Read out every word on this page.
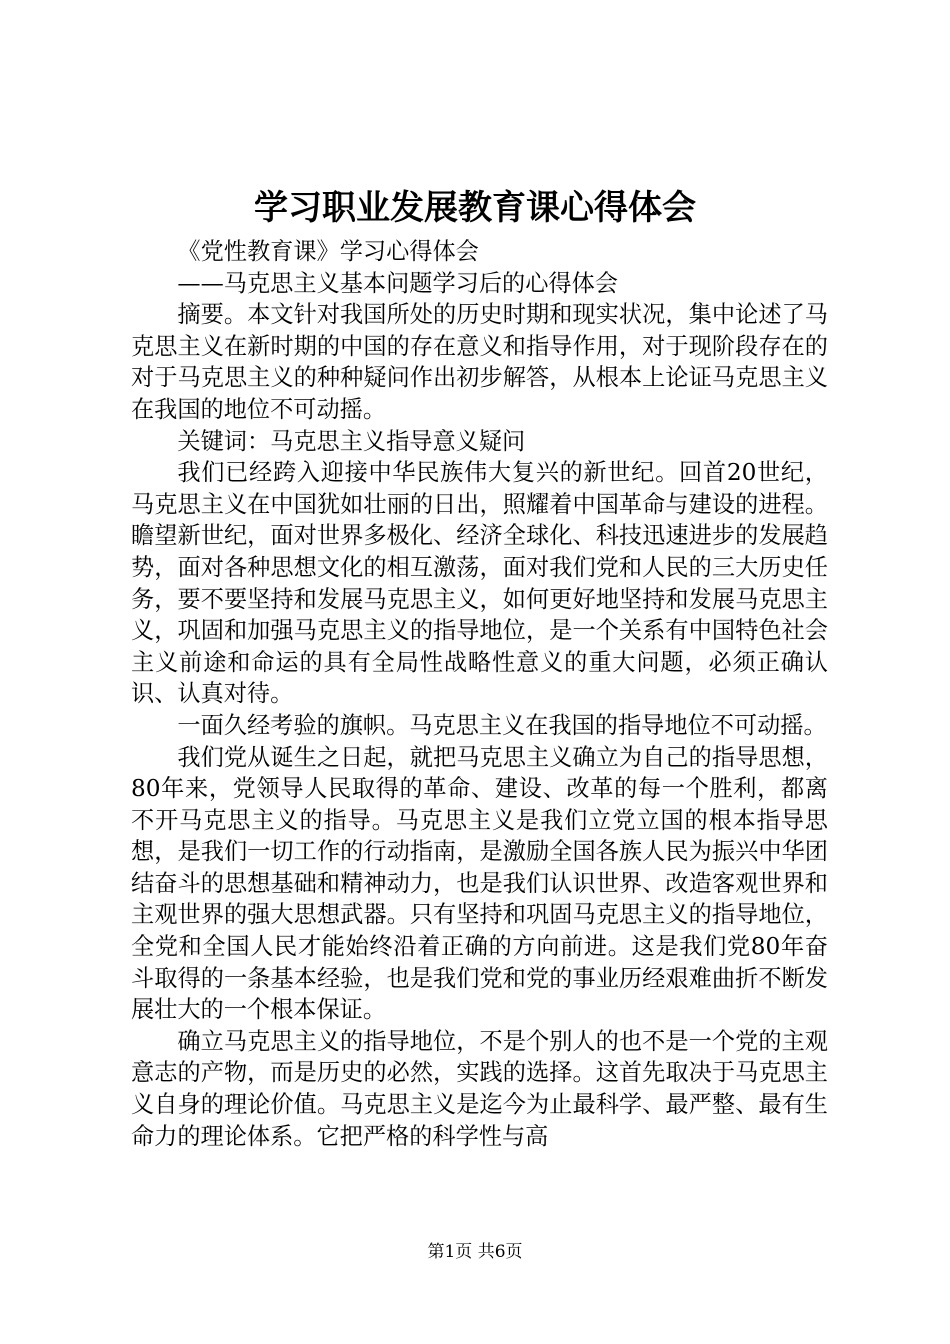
学习职业发展教育课心得体会

《党性教育课》学习心得体会

——马克思主义基本问题学习后的心得体会

摘要。本文针对我国所处的历史时期和现实状况，集中论述了马克思主义在新时期的中国的存在意义和指导作用，对于现阶段存在的对于马克思主义的种种疑问作出初步解答，从根本上论证马克思主义在我国的地位不可动摇。

关键词：马克思主义指导意义疑问

我们已经跨入迎接中华民族伟大复兴的新世纪。回首20世纪，马克思主义在中国犹如壮丽的日出，照耀着中国革命与建设的进程。瞻望新世纪，面对世界多极化、经济全球化、科技迅速进步的发展趋势，面对各种思想文化的相互激荡，面对我们党和人民的三大历史任务，要不要坚持和发展马克思主义，如何更好地坚持和发展马克思主义，巩固和加强马克思主义的指导地位，是一个关系有中国特色社会主义前途和命运的具有全局性战略性意义的重大问题，必须正确认识、认真对待。

一面久经考验的旗帜。马克思主义在我国的指导地位不可动摇。

我们党从诞生之日起，就把马克思主义确立为自己的指导思想，80年来，党领导人民取得的革命、建设、改革的每一个胜利，都离不开马克思主义的指导。马克思主义是我们立党立国的根本指导思想，是我们一切工作的行动指南，是激励全国各族人民为振兴中华团结奋斗的思想基础和精神动力，也是我们认识世界、改造客观世界和主观世界的强大思想武器。只有坚持和巩固马克思主义的指导地位，全党和全国人民才能始终沿着正确的方向前进。这是我们党80年奋斗取得的一条基本经验，也是我们党和党的事业历经艰难曲折不断发展壮大的一个根本保证。

确立马克思主义的指导地位，不是个别人的也不是一个党的主观意志的产物，而是历史的必然，实践的选择。这首先取决于马克思主义自身的理论价值。马克思主义是迄今为止最科学、最严整、最有生命力的理论体系。它把严格的科学性与高

第1页 共6页
